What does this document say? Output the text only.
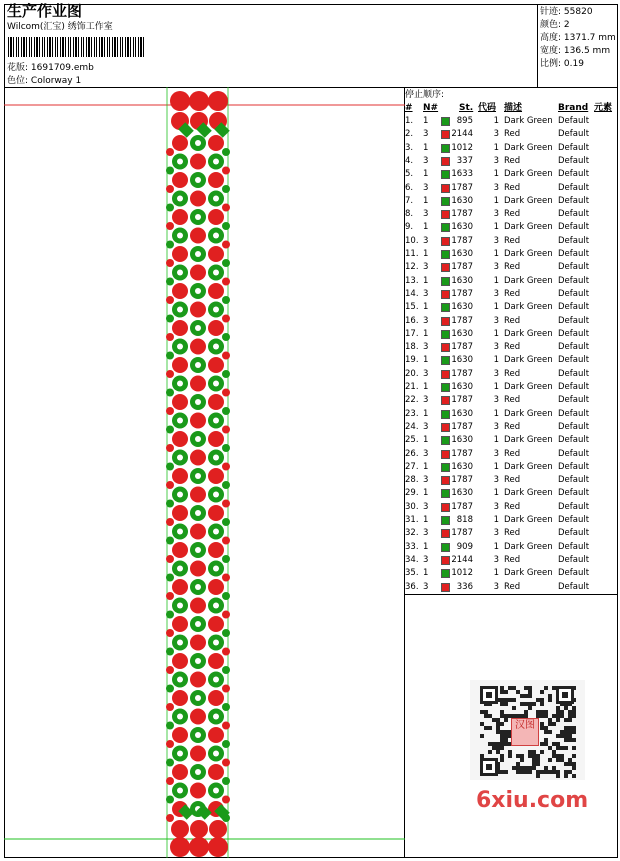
生产作业图
Wilcom(汇宝) 绣饰工作室
花版: 1691709.emb
色位: Colorway 1
针迹: 55820
颜色: 2
高度: 1371.7 mm
宽度: 136.5 mm
比例: 0.19
停止顺序:
# N# St. 代码 描述	Brand 元素
1. 1	895	1 Dark Green Default
2. 3	2144	3 Red	Default
3. 1	1012	1 Dark Green Default
4. 3	337	3 Red	Default
5. 1	1633	1 Dark Green Default
6. 3	1787	3 Red	Default
7. 1	1630	1 Dark Green Default
8. 3	1787	3 Red	Default
9. 1	1630	1 Dark Green Default
10. 3	1787	3 Red	Default
11. 1	1630	1 Dark Green Default
12. 3	1787	3 Red	Default
13. 1	1630	1 Dark Green Default
14. 3	1787	3 Red	Default
15. 1	1630	1 Dark Green Default
16. 3	1787	3 Red	Default
17. 1	1630	1 Dark Green Default
18. 3	1787	3 Red	Default
19. 1	1630	1 Dark Green Default
20. 3	1787	3 Red	Default
21. 1	1630	1 Dark Green Default
22. 3	1787	3 Red	Default
23. 1	1630	1 Dark Green Default
24. 3	1787	3 Red	Default
25. 1	1630	1 Dark Green Default
26. 3	1787	3 Red	Default
27. 1	1630	1 Dark Green Default
28. 3	1787	3 Red	Default
29. 1	1630	1 Dark Green Default
30. 3	1787	3 Red	Default
31. 1	818	1 Dark Green Default
32. 3	1787	3 Red	Default
33. 1	909	1 Dark Green Default
34. 3	2144	3 Red	Default
35. 1	1012	1 Dark Green Default
36. 3	336	3 Red	Default
汉图
6xiu.com
